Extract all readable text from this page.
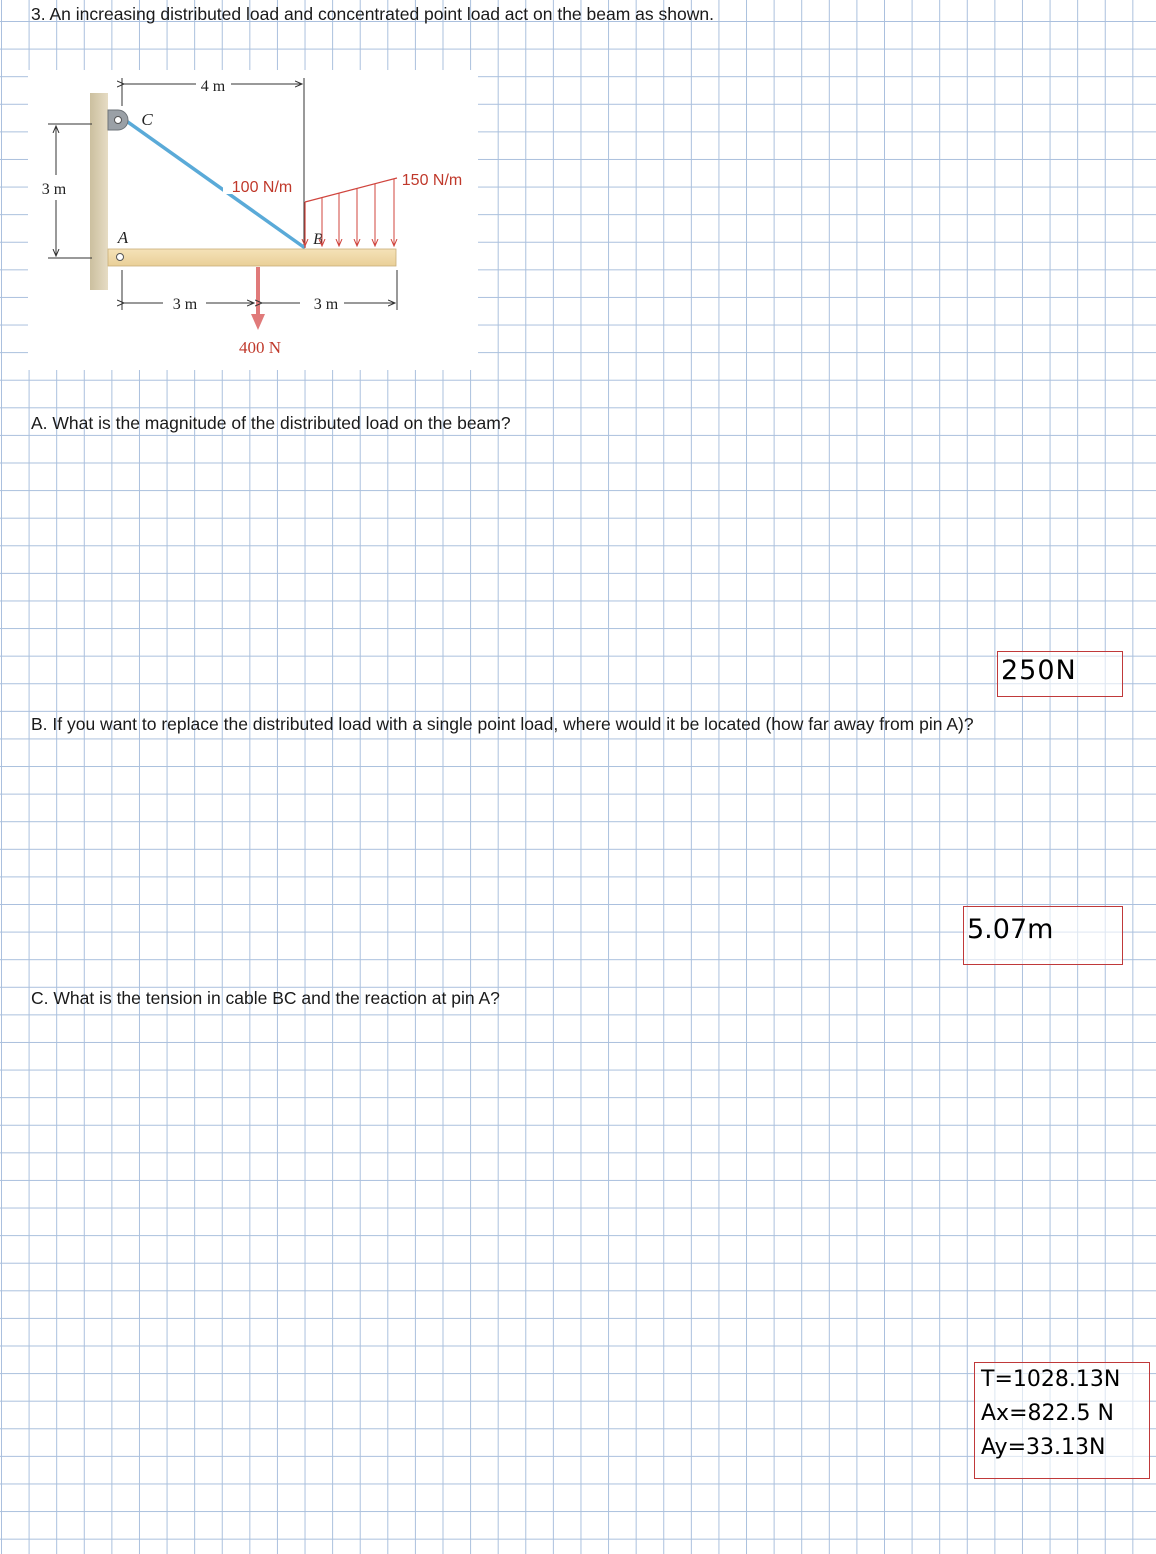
3. An increasing distributed load and concentrated point load act on the beam as shown.
4 m
3 m
C
A	B
100 N/m	150 N/m
400 N
3 m	3 m
A. What is the magnitude of the distributed load on the beam?
250N
B. If you want to replace the distributed load with a single point load, where would it be located (how far away from pin A)?
5.07m
C. What is the tension in cable BC and the reaction at pin A?
T=1028.13N
Ax=822.5 N
Ay=33.13N
